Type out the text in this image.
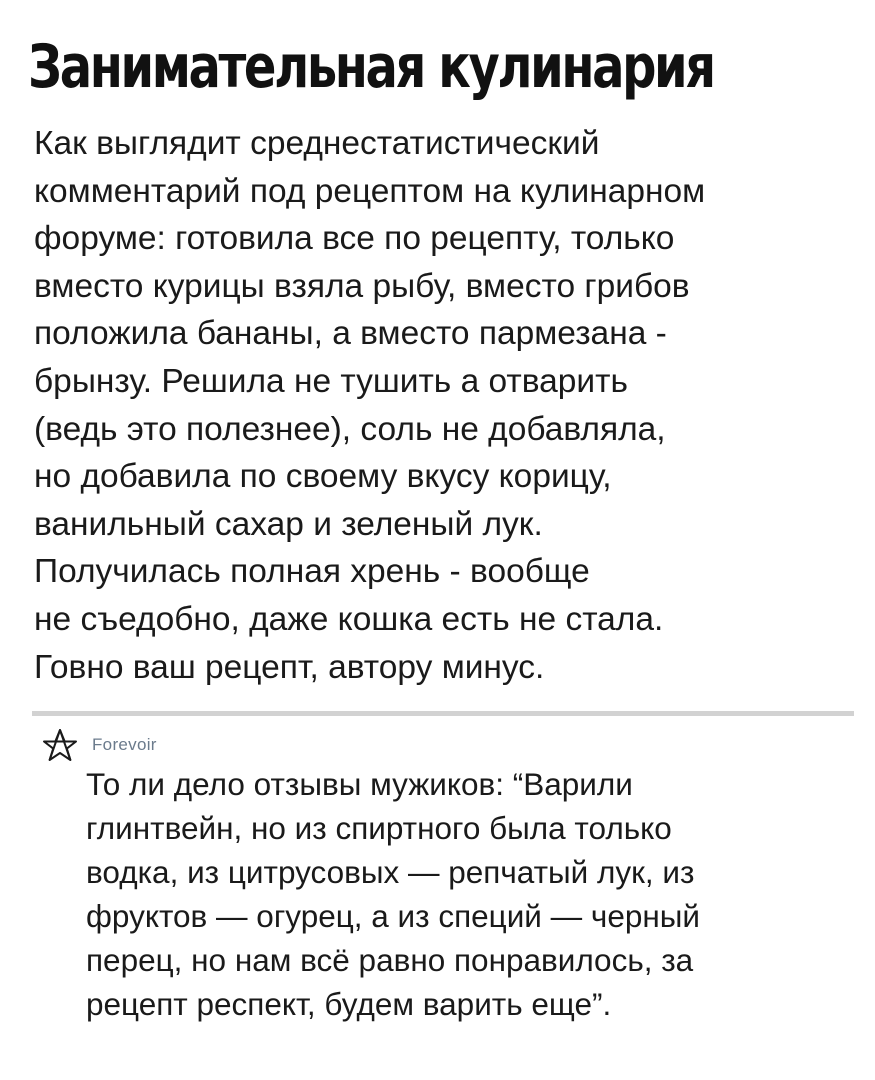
Занимательная кулинария
Как выглядит среднестатистический
комментарий под рецептом на кулинарном
форуме: готовила все по рецепту, только
вместо курицы взяла рыбу, вместо грибов
положила бананы, а вместо пармезана -
брынзу. Решила не тушить а отварить
(ведь это полезнее), соль не добавляла,
но добавила по своему вкусу корицу,
ванильный сахар и зеленый лук.
Получилась полная хрень - вообще
не съедобно, даже кошка есть не стала.
Говно ваш рецепт, автору минус.
Forevoir
То ли дело отзывы мужиков: “Варили
глинтвейн, но из спиртного была только
водка, из цитрусовых — репчатый лук, из
фруктов — огурец, а из специй — черный
перец, но нам всё равно понравилось, за
рецепт респект, будем варить еще”.
